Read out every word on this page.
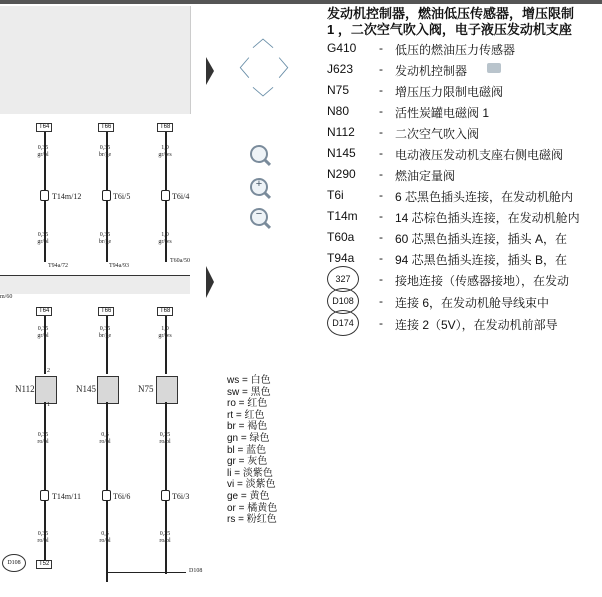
m/60
T64
0,35
gr/bl
T14m/12
0,35
gr/bl
T94a/72
T66
0,35
br/ge
T6i/5
0,35
br/ge
T94a/93
T68
1,0
gr/ws
T6i/4
1,0
gr/ws
T60a/50
T64
0,35
gr/bl
2
N112
1
0,35
ro/bl
T14m/11
0,35
ro/bl
T52
T66
0,35
br/ge
N145
0,5
ro/bl
T6i/6
0,5
ro/bl
T68
1,0
gr/ws
N75
0,35
ro/bl
T6i/3
0,35
ro/bl
D108
D108
︿
〈 〉
﹀
+
−
ws = 白色
sw = 黑色
ro = 红色
rt = 红色
br = 褐色
gn = 绿色
bl = 蓝色
gr = 灰色
li = 淡紫色
vi = 淡紫色
ge = 黄色
or = 橘黄色
rs = 粉红色
发动机控制器，燃油低压传感器，增压限制
1 ，二次空气吹入阀，电子液压发动机支座
G410 - 低压的燃油压力传感器
J623 - 发动机控制器
N75 - 增压压力限制电磁阀
N80 - 活性炭罐电磁阀 1
N112 - 二次空气吹入阀
N145 - 电动液压发动机支座右侧电磁阀
N290 - 燃油定量阀
T6i	- 6 芯黑色插头连接，在发动机舱内
T14m - 14 芯棕色插头连接，在发动机舱内
T60a - 60 芯黑色插头连接，插头 A，在
T94a - 94 芯黑色插头连接，插头 B，在
327	- 接地连接（传感器接地），在发动
D108	- 连接 6，在发动机舱导线束中
D174	- 连接 2（5V），在发动机前部导
